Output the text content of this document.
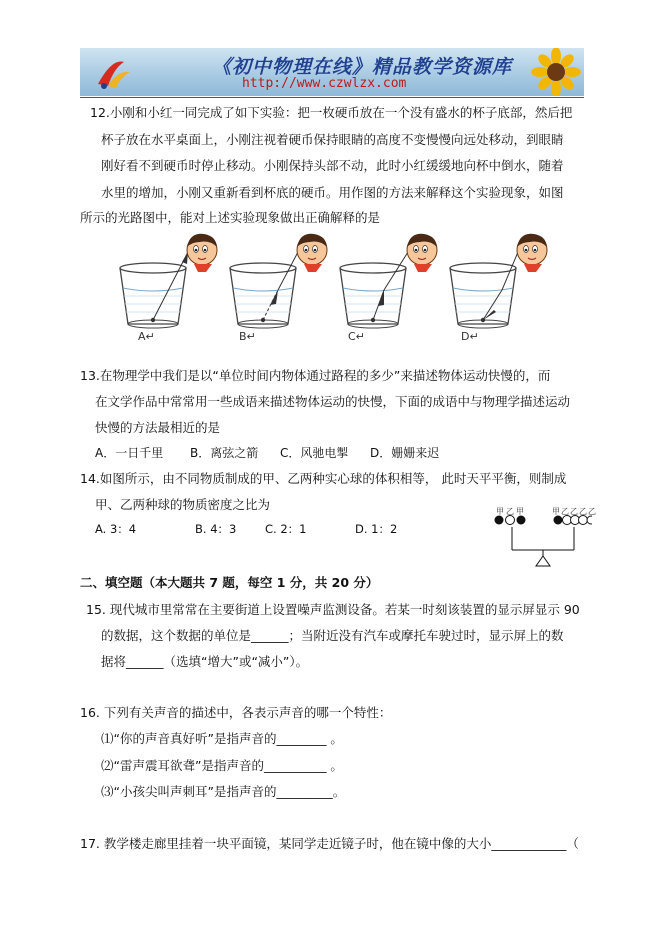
《初中物理在线》精品教学资源库
http://www.czwlzx.com
12.小刚和小红一同完成了如下实验：把一枚硬币放在一个没有盛水的杯子底部，然后把
杯子放在水平桌面上，小刚注视着硬币保持眼睛的高度不变慢慢向远处移动，到眼睛
刚好看不到硬币时停止移动。小刚保持头部不动，此时小红缓缓地向杯中倒水，随着
水里的增加，小刚又重新看到杯底的硬币。用作图的方法来解释这个实验现象，如图
所示的光路图中，能对上述实验现象做出正确解释的是
A↵	B↵	C↵	D↵
13.在物理学中我们是以“单位时间内物体通过路程的多少”来描述物体运动快慢的，而
在文学作品中常常用一些成语来描述物体运动的快慢，下面的成语中与物理学描述运动
快慢的方法最相近的是
A．一日千里 B．离弦之箭 C．风驰电掣 D．姗姗来迟
14.如图所示，由不同物质制成的甲、乙两种实心球的体积相等， 此时天平平衡，则制成
甲、乙两种球的物质密度之比为
A. 3：4	B. 4：3 C. 2：1	D. 1：2
甲乙甲	甲乙乙乙乙
二、填空题（本大题共 7 题，每空 1 分，共 20 分）
15. 现代城市里常常在主要街道上设置噪声监测设备。若某一时刻该装置的显示屏显示 90
的数据，这个数据的单位是______；当附近没有汽车或摩托车驶过时，显示屏上的数
据将______（选填“增大”或“减小”）。
16. 下列有关声音的描述中，各表示声音的哪一个特性：
⑴“你的声音真好听”是指声音的________ 。
⑵“雷声震耳欲聋”是指声音的__________ 。
⑶“小孩尖叫声刺耳”是指声音的_________。
17. 教学楼走廊里挂着一块平面镜，某同学走近镜子时，他在镜中像的大小____________（
